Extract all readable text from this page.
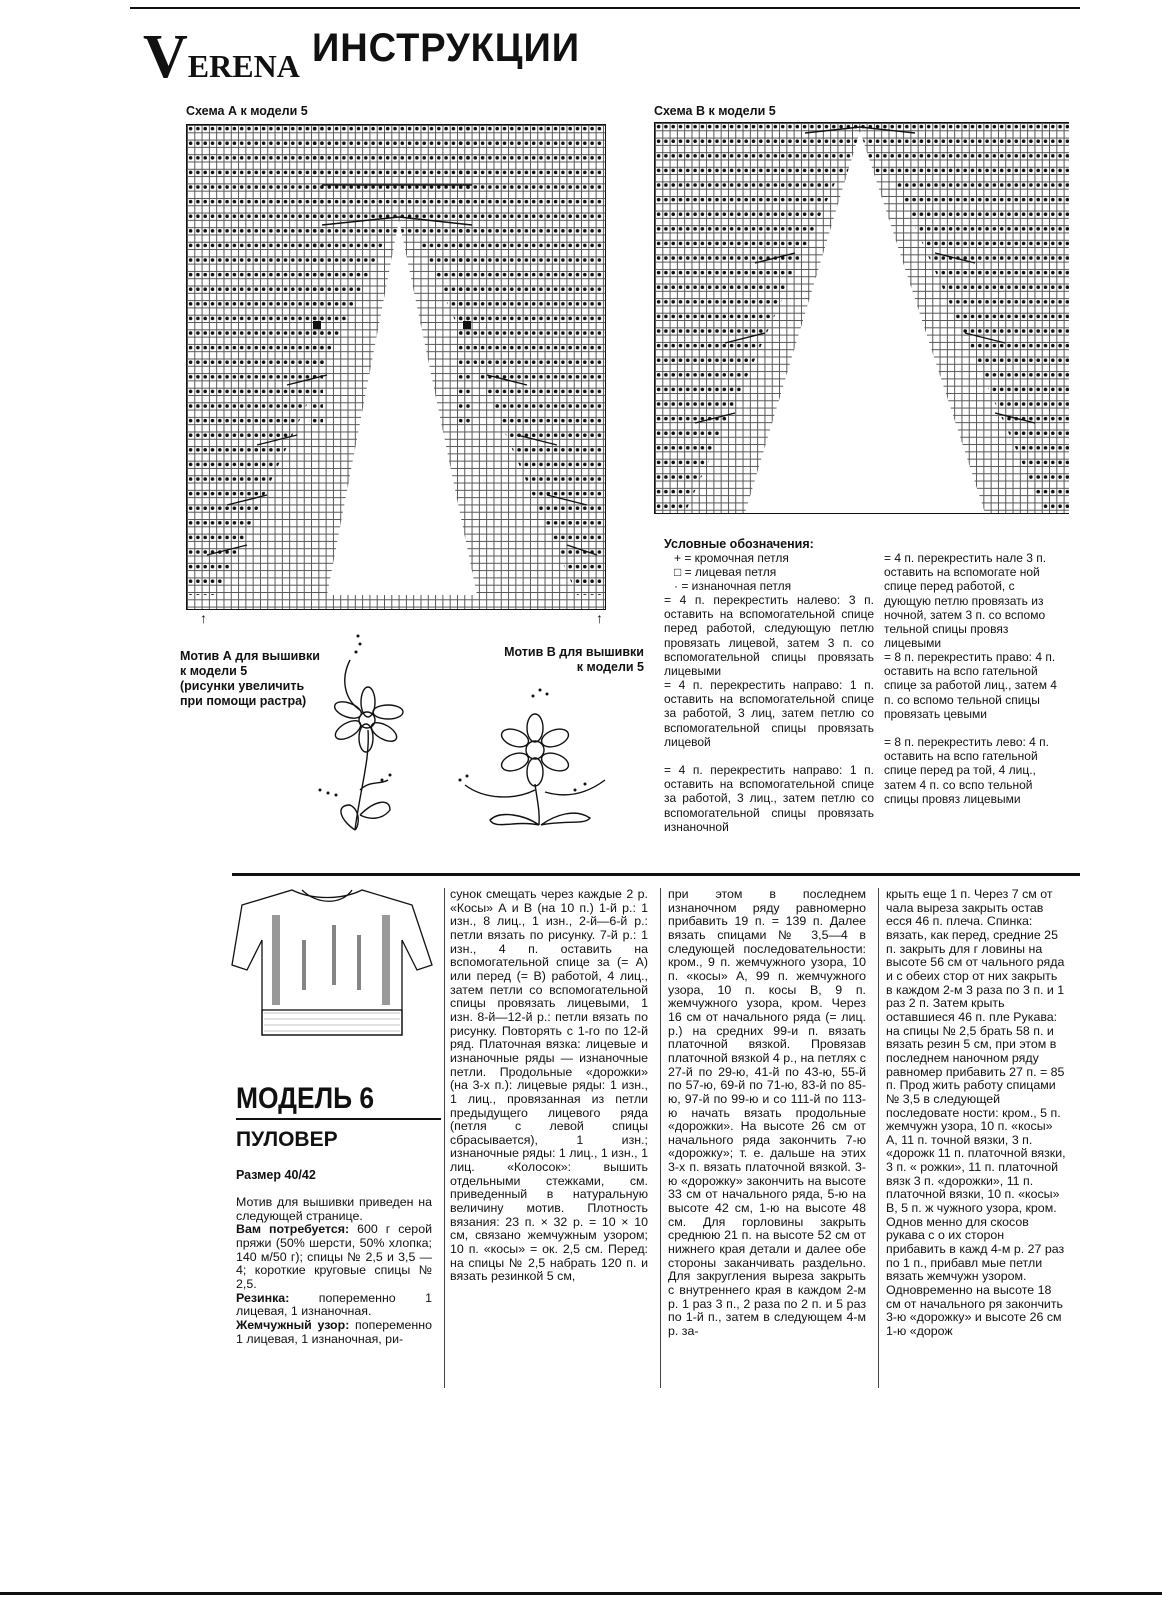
VERENA ИНСТРУКЦИИ
Схема А к модели 5
↑	↑
Схема В к модели 5
Условные обозначения:
+ = кромочная петля
□ = лицевая петля
· = изнаночная петля
= 4 п. перекрестить налево: 3 п. оставить на вспомогательной спице перед работой, следующую петлю провязать лицевой, затем 3 п. со вспомогательной спицы провязать лицевыми
= 4 п. перекрестить направо: 1 п. оставить на вспомогательной спице за работой, 3 лиц, затем петлю со вспомогательной спицы провязать лицевой
= 4 п. перекрестить направо: 1 п. оставить на вспомогательной спице за работой, 3 лиц., затем петлю со вспомогательной спицы провязать изнаночной
= 4 п. перекрестить нале 3 п. оставить на вспомогате ной спице перед работой, с дующую петлю провязать из ночной, затем 3 п. со вспомо тельной спицы провяз лицевыми
= 8 п. перекрестить право: 4 п. оставить на вспо гательной спице за работой лиц., затем 4 п. со вспомо тельной спицы провязать цевыми
= 8 п. перекрестить лево: 4 п. оставить на вспо гательной спице перед ра той, 4 лиц., затем 4 п. со вспо тельной спицы провяз лицевыми
Мотив А для вышивки
к модели 5
(рисунки увеличить
при помощи растра)
Мотив В для вышивки
к модели 5
МОДЕЛЬ 6
ПУЛОВЕР
Размер 40/42
Мотив для вышивки приведен на следующей странице.
Вам потребуется: 600 г серой пряжи (50% шерсти, 50% хлопка; 140 м/50 г); спицы № 2,5 и 3,5 — 4; короткие круговые спицы № 2,5.
Резинка: попеременно 1 лицевая, 1 изнаночная.
Жемчужный узор: попеременно 1 лицевая, 1 изнаночная, ри-
сунок смещать через каждые 2 р. «Косы» А и В (на 10 п.) 1-й р.: 1 изн., 8 лиц., 1 изн., 2-й—6-й р.: петли вязать по рисунку. 7-й р.: 1 изн., 4 п. оставить на вспомогательной спице за (= А) или перед (= В) работой, 4 лиц., затем петли со вспомогательной спицы провязать лицевыми, 1 изн. 8-й—12-й р.: петли вязать по рисунку. Повторять с 1-го по 12-й ряд. Платочная вязка: лицевые и изнаночные ряды — изнаночные петли. Продольные «дорожки» (на 3-х п.): лицевые ряды: 1 изн., 1 лиц., провязанная из петли предыдущего лицевого ряда (петля с левой спицы сбрасывается), 1 изн.; изнаночные ряды: 1 лиц., 1 изн., 1 лиц. «Колосок»: вышить отдельными стежками, см. приведенный в натуральную величину мотив. Плотность вязания: 23 п. × 32 р. = 10 × 10 см, связано жемчужным узором; 10 п. «косы» = ок. 2,5 см. Перед: на спицы № 2,5 набрать 120 п. и вязать резинкой 5 см,
при этом в последнем изнаночном ряду равномерно прибавить 19 п. = 139 п. Далее вязать спицами № 3,5—4 в следующей последовательности: кром., 9 п. жемчужного узора, 10 п. «косы» А, 99 п. жемчужного узора, 10 п. косы В, 9 п. жемчужного узора, кром. Через 16 см от начального ряда (= лиц. р.) на средних 99-и п. вязать платочной вязкой. Провязав платочной вязкой 4 р., на петлях с 27-й по 29-ю, 41-й по 43-ю, 55-й по 57-ю, 69-й по 71-ю, 83-й по 85-ю, 97-й по 99-ю и со 111-й по 113-ю начать вязать продольные «дорожки». На высоте 26 см от начального ряда закончить 7-ю «дорожку»; т. е. дальше на этих 3-х п. вязать платочной вязкой. 3-ю «дорожку» закончить на высоте 33 см от начального ряда, 5-ю на высоте 42 см, 1-ю на высоте 48 см. Для горловины закрыть среднюю 21 п. на высоте 52 см от нижнего края детали и далее обе стороны заканчивать раздельно. Для закругления выреза закрыть с внутреннего края в каждом 2-м р. 1 раз 3 п., 2 раза по 2 п. и 5 раз по 1-й п., затем в следующем 4-м р. за-
крыть еще 1 п. Через 7 см от чала выреза закрыть остав есся 46 п. плеча. Спинка: вязать, как перед, средние 25 п. закрыть для г ловины на высоте 56 см от чального ряда и с обеих стор от них закрыть в каждом 2-м 3 раза по 3 п. и 1 раз 2 п. Затем крыть оставшиеся 46 п. пле Рукава: на спицы № 2,5 брать 58 п. и вязать резин 5 см, при этом в последнем наночном ряду равномер прибавить 27 п. = 85 п. Прод жить работу спицами № 3,5 в следующей последовате ности: кром., 5 п. жемчужн узора, 10 п. «косы» А, 11 п. точной вязки, 3 п. «дорожк 11 п. платочной вязки, 3 п. « рожки», 11 п. платочной вязк 3 п. «дорожки», 11 п. платочной вязки, 10 п. «косы» В, 5 п. ж чужного узора, кром. Однов менно для скосов рукава с о их сторон прибавить в кажд 4-м р. 27 раз по 1 п., прибавл мые петли вязать жемчужн узором. Одновременно на высоте 18 см от начального ря закончить 3-ю «дорожку» и высоте 26 см 1-ю «дорож
